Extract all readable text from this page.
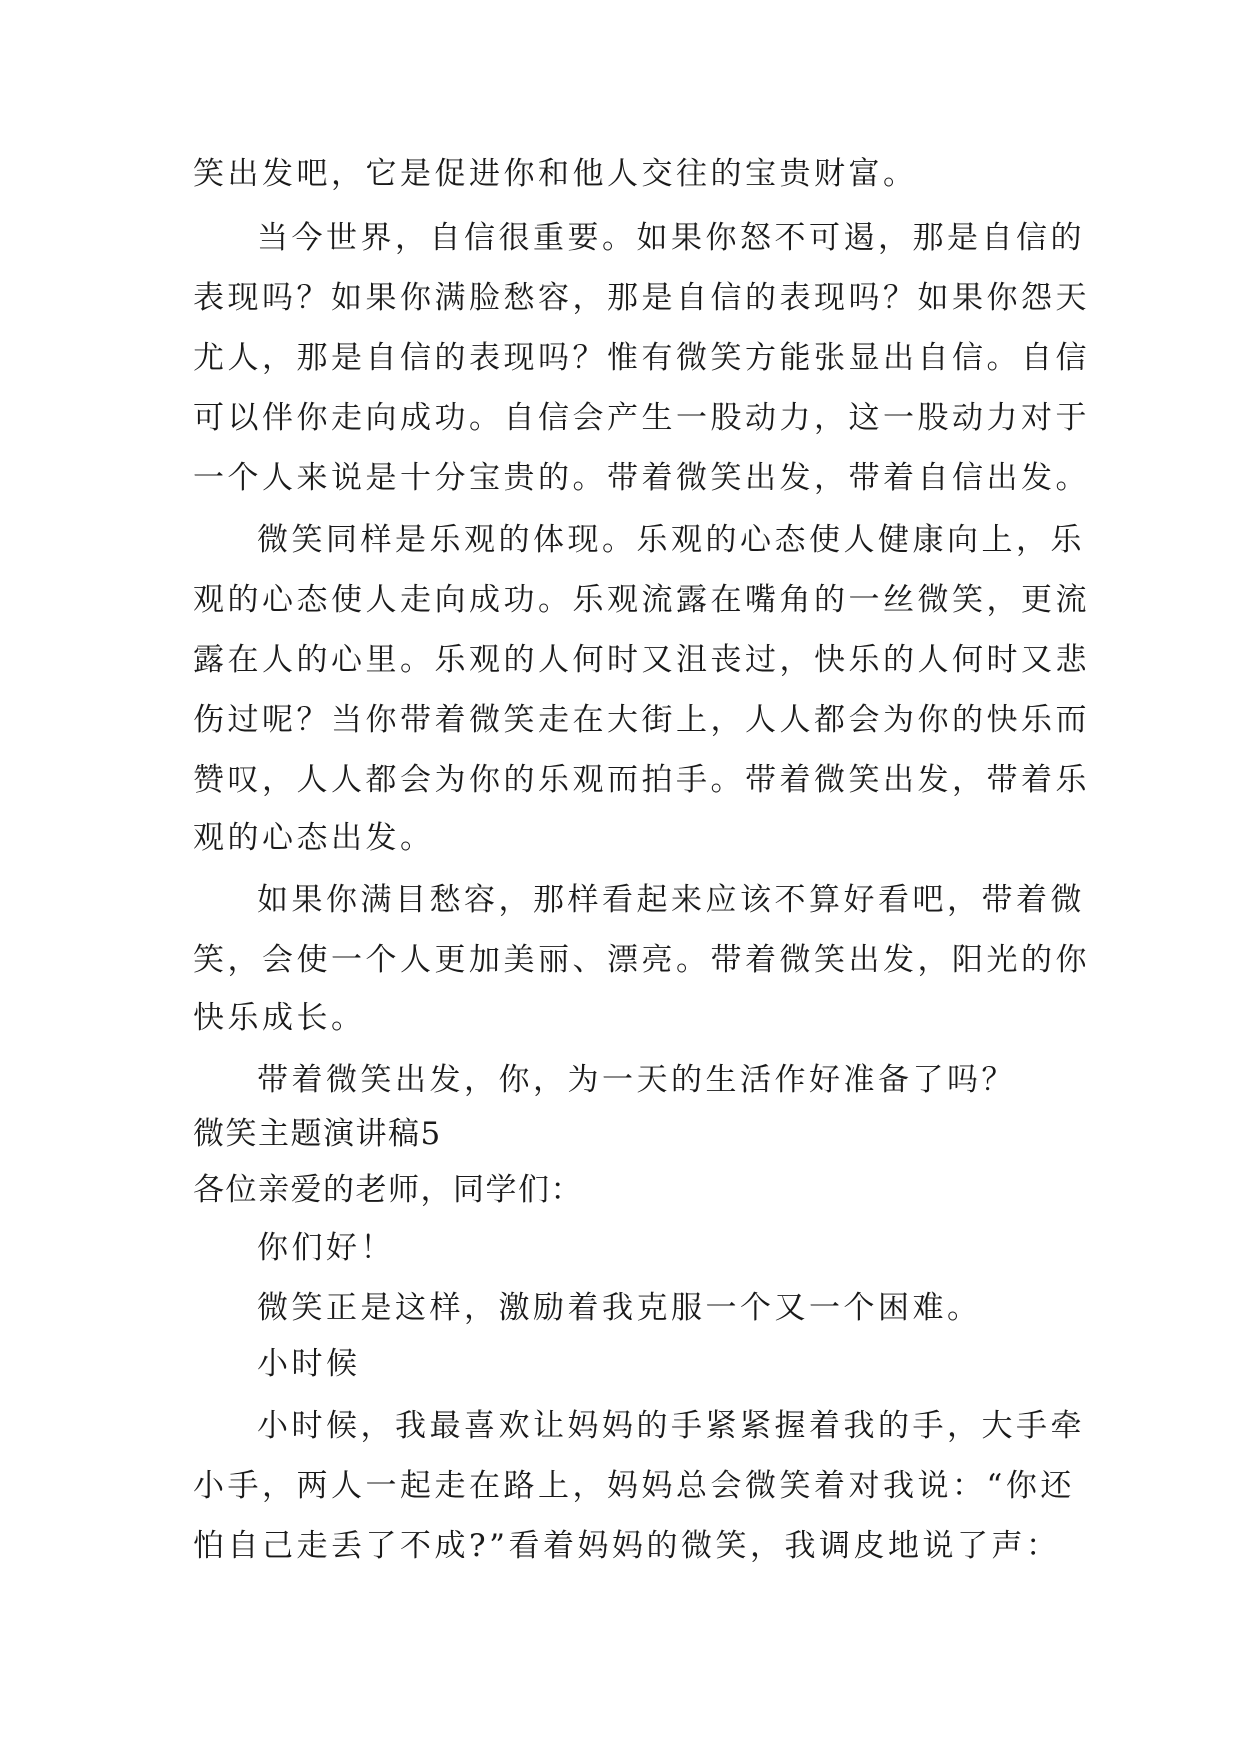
笑出发吧，它是促进你和他人交往的宝贵财富。
当今世界，自信很重要。如果你怒不可遏，那是自信的
表现吗？如果你满脸愁容，那是自信的表现吗？如果你怨天
尤人，那是自信的表现吗？惟有微笑方能张显出自信。自信
可以伴你走向成功。自信会产生一股动力，这一股动力对于
一个人来说是十分宝贵的。带着微笑出发，带着自信出发。
微笑同样是乐观的体现。乐观的心态使人健康向上，乐
观的心态使人走向成功。乐观流露在嘴角的一丝微笑，更流
露在人的心里。乐观的人何时又沮丧过，快乐的人何时又悲
伤过呢？当你带着微笑走在大街上，人人都会为你的快乐而
赞叹，人人都会为你的乐观而拍手。带着微笑出发，带着乐
观的心态出发。
如果你满目愁容，那样看起来应该不算好看吧，带着微
笑，会使一个人更加美丽、漂亮。带着微笑出发，阳光的你
快乐成长。
带着微笑出发，你，为一天的生活作好准备了吗？
微笑主题演讲稿5
各位亲爱的老师，同学们：
你们好！
微笑正是这样，激励着我克服一个又一个困难。
小时候
小时候，我最喜欢让妈妈的手紧紧握着我的手，大手牵
小手，两人一起走在路上，妈妈总会微笑着对我说：“你还
怕自己走丢了不成?”看着妈妈的微笑，我调皮地说了声：
